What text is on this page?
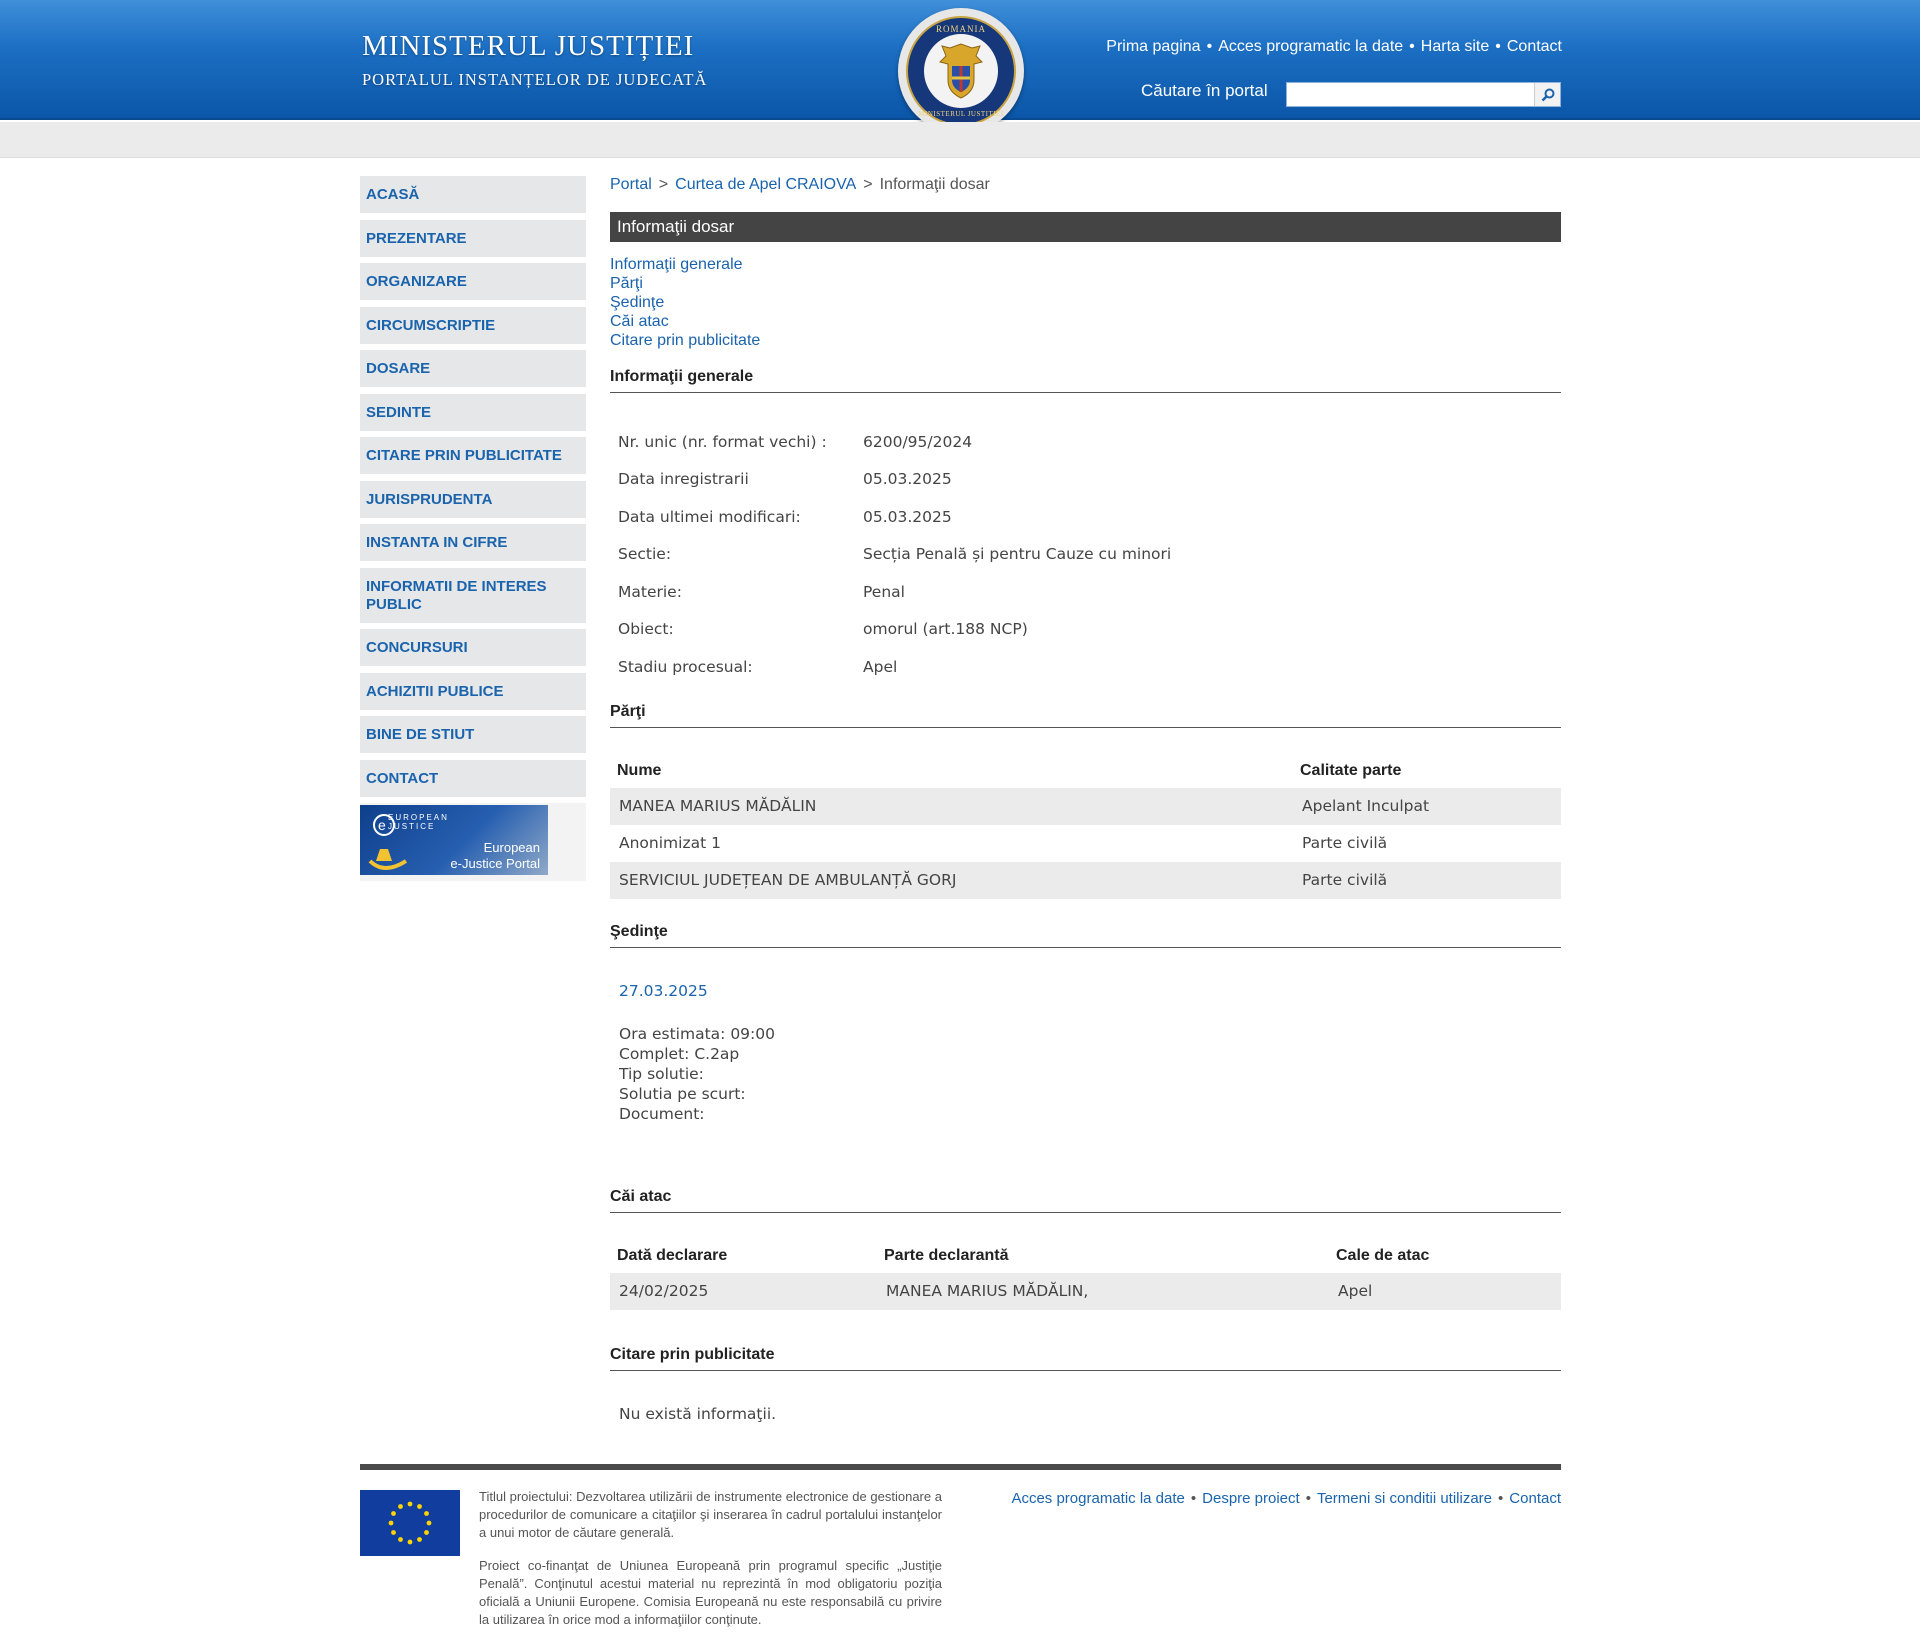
MINISTERUL JUSTIȚIEI
PORTALUL INSTANȚELOR DE JUDECATĂ
Prima pagina • Acces programatic la date • Harta site • Contact
Căutare în portal
ROMANIA
MINISTERUL JUSTIȚIEI
ACASĂ
PREZENTARE
ORGANIZARE
CIRCUMSCRIPTIE
DOSARE
SEDINTE
CITARE PRIN PUBLICITATE
JURISPRUDENTA
INSTANTA IN CIFRE
INFORMATII DE INTERES PUBLIC
CONCURSURI
ACHIZITII PUBLICE
BINE DE STIUT
CONTACT
e EUROPEAN
JUSTICE
European
e-Justice Portal
Portal > Curtea de Apel CRAIOVA > Informaţii dosar
Informaţii dosar
Informaţii generale
Părţi
Şedinţe
Căi atac
Citare prin publicitate
Informaţii generale
Nr. unic (nr. format vechi) :	6200/95/2024
Data inregistrarii	05.03.2025
Data ultimei modificari:	05.03.2025
Sectie:	Secția Penală și pentru Cauze cu minori
Materie:	Penal
Obiect:	omorul (art.188 NCP)
Stadiu procesual:	Apel
Părţi
Nume	Calitate parte
MANEA MARIUS MĂDĂLIN	Apelant Inculpat
Anonimizat 1	Parte civilă
SERVICIUL JUDEȚEAN DE AMBULANȚĂ GORJ	Parte civilă
Şedinţe
27.03.2025
Ora estimata: 09:00
Complet: C.2ap
Tip solutie:
Solutia pe scurt:
Document:
Căi atac
Dată declarare	Parte declarantă	Cale de atac
24/02/2025	MANEA MARIUS MĂDĂLIN,	Apel
Citare prin publicitate
Nu există informaţii.
Titlul proiectului: Dezvoltarea utilizării de instrumente electronice de gestionare a procedurilor de comunicare a citaţiilor şi inserarea în cadrul portalului instanţelor a unui motor de căutare generală.
Proiect co-finanţat de Uniunea Europeană prin programul specific „Justiţie Penală”. Conţinutul acestui material nu reprezintă în mod obligatoriu poziţia oficială a Uniunii Europene. Comisia Europeană nu este responsabilă cu privire la utilizarea în orice mod a informaţiilor conţinute.
Acces programatic la date • Despre proiect • Termeni si conditii utilizare • Contact
